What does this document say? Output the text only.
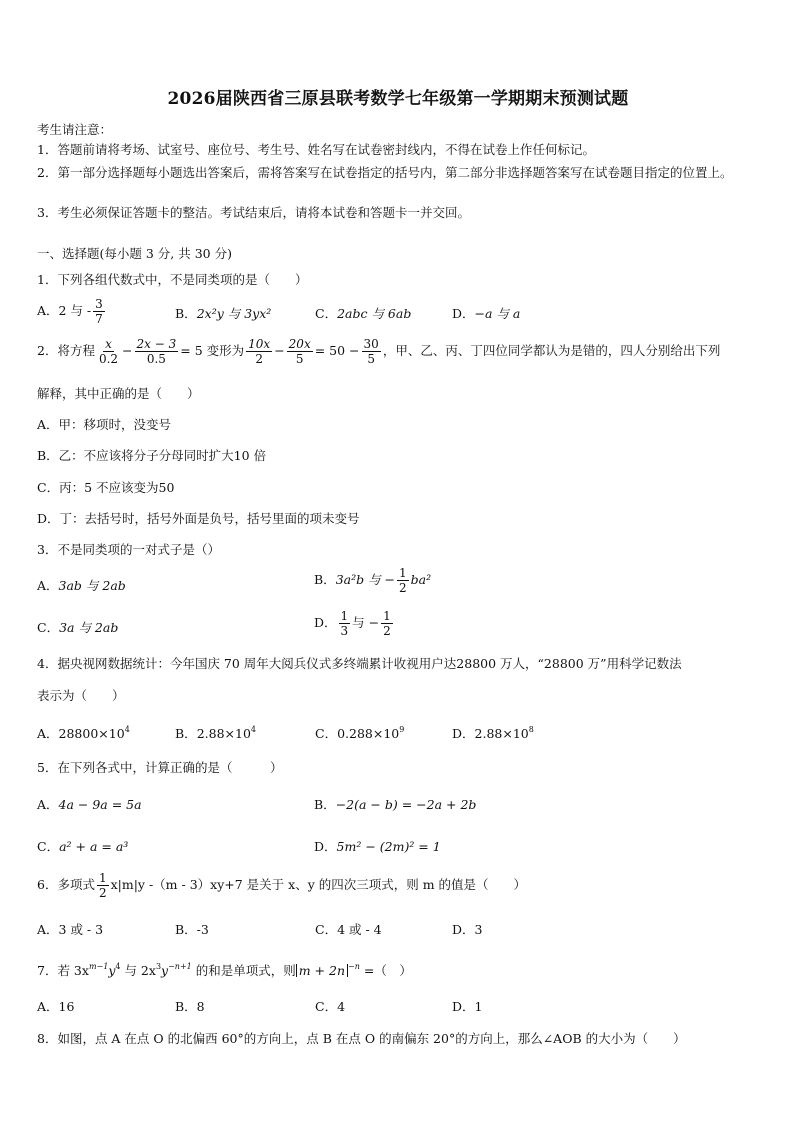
2026届陕西省三原县联考数学七年级第一学期期末预测试题
考生请注意：
1．答题前请将考场、试室号、座位号、考生号、姓名写在试卷密封线内，不得在试卷上作任何标记。
2．第一部分选择题每小题选出答案后，需将答案写在试卷指定的括号内，第二部分非选择题答案写在试卷题目指定的位置上。
3．考生必须保证答题卡的整洁。考试结束后，请将本试卷和答题卡一并交回。
一、选择题(每小题 3 分, 共 30 分)
1．下列各组代数式中，不是同类项的是（　　）
A．2 与 - $\frac{3}{7}$	B．2x²y 与 3yx²	C．2abc 与 6ab	D．−a 与 a
2．将方程 $\frac{x}{0.2} - \frac{2x - 3}{0.5} = 5$ 变形为 $\frac{10x}{2} - \frac{20x}{5} = 50 - \frac{30}{5}$ ，甲、乙、丙、丁四位同学都认为是错的，四人分别给出下列
解释，其中正确的是（　　）
A．甲：移项时，没变号
B．乙：不应该将分子分母同时扩大10 倍
C．丙：5 不应该变为50
D．丁：去括号时，括号外面是负号，括号里面的项未变号
3．不是同类项的一对式子是（）
A．3ab 与 2ab	B．3a²b 与 − $\frac{1}{2} ba^2$
C．3a 与 2ab	D． $\frac{1}{3}$ 与 − $\frac{1}{2}$
4．据央视网数据统计：今年国庆 70 周年大阅兵仪式多终端累计收视用户达28800 万人，“28800 万”用科学记数法
表示为（　　）
A．$28800\times 10^4$	B．$2.88\times 10^4$	C．$0.288\times 10^9$	D．$2.88\times 10^8$
5．在下列各式中，计算正确的是（　　　）
A．4a − 9a = 5a	B．−2(a − b) = −2a + 2b
C．a² + a = a³	D．5m² − (2m)² = 1
6．多项式 $\frac{1}{2} x|m|y$ -（m - 3）xy+7 是关于 x、y 的四次三项式，则 m 的值是（　　）
A．3 或 - 3	B．-3	C．4 或 - 4	D．3
7．若 $3x^{m-1}y^4$ 与 $2x^3y^{-n+1}$ 的和是单项式，则 m + 2n $^{-n}$ =（　）
A．16	B．8	C．4	D．1
8．如图，点 A 在点 O 的北偏西 60°的方向上，点 B 在点 O 的南偏东 20°的方向上，那么∠AOB 的大小为（　　）
